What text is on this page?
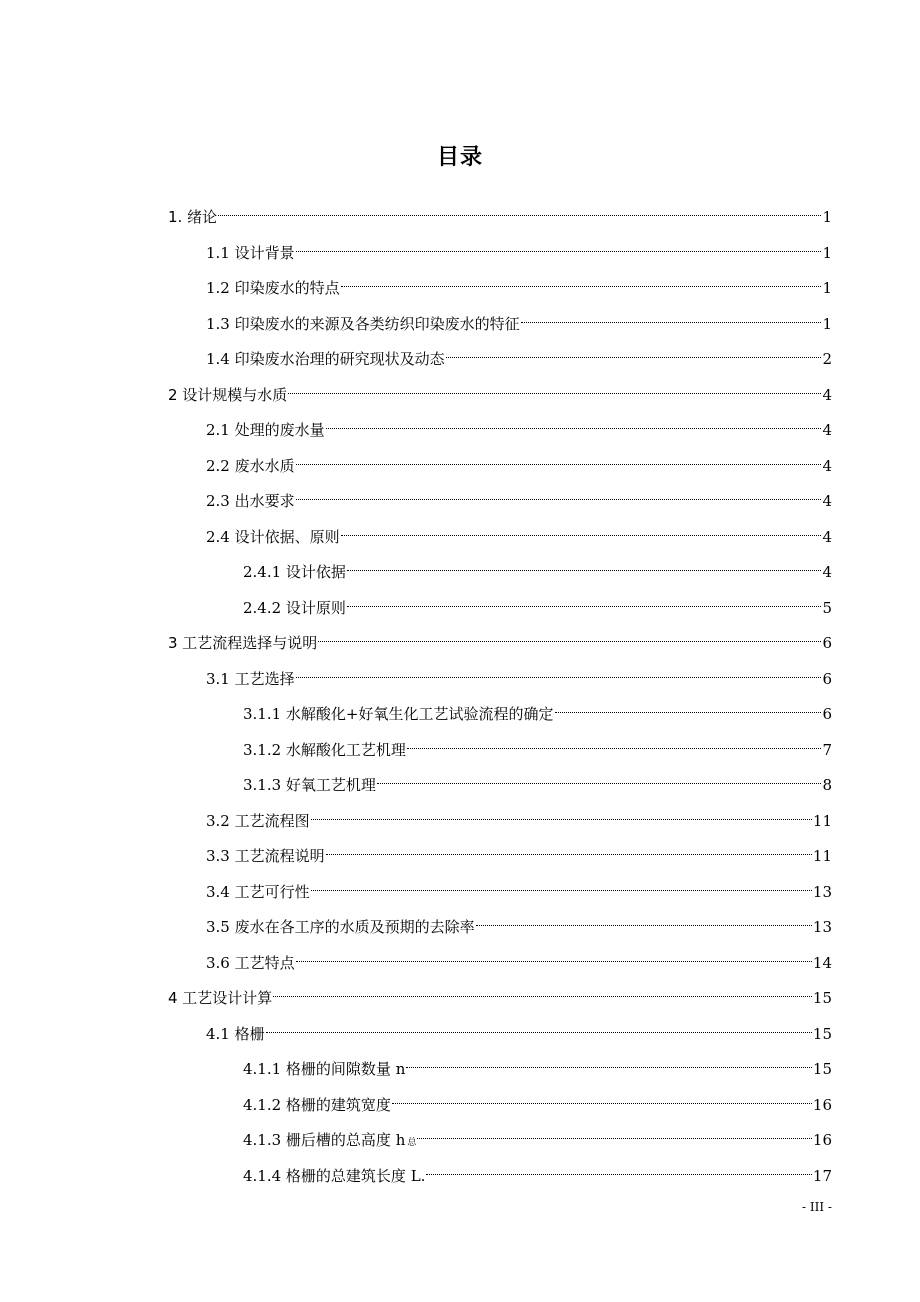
目录
1. 绪论	1
1.1 设计背景	1
1.2 印染废水的特点	1
1.3 印染废水的来源及各类纺织印染废水的特征	1
1.4 印染废水治理的研究现状及动态	2
2 设计规模与水质	4
2.1 处理的废水量	4
2.2 废水水质	4
2.3 出水要求	4
2.4 设计依据、原则	4
2.4.1 设计依据	4
2.4.2 设计原则	5
3 工艺流程选择与说明	6
3.1 工艺选择	6
3.1.1 水解酸化+好氧生化工艺试验流程的确定	6
3.1.2 水解酸化工艺机理	7
3.1.3 好氧工艺机理	8
3.2 工艺流程图	11
3.3 工艺流程说明	11
3.4 工艺可行性	13
3.5 废水在各工序的水质及预期的去除率	13
3.6 工艺特点	14
4 工艺设计计算	15
4.1 格栅	15
4.1.1 格栅的间隙数量 n	15
4.1.2 格栅的建筑宽度	16
4.1.3 栅后槽的总高度 h 总	16
4.1.4 格栅的总建筑长度 L.	17
- III -
